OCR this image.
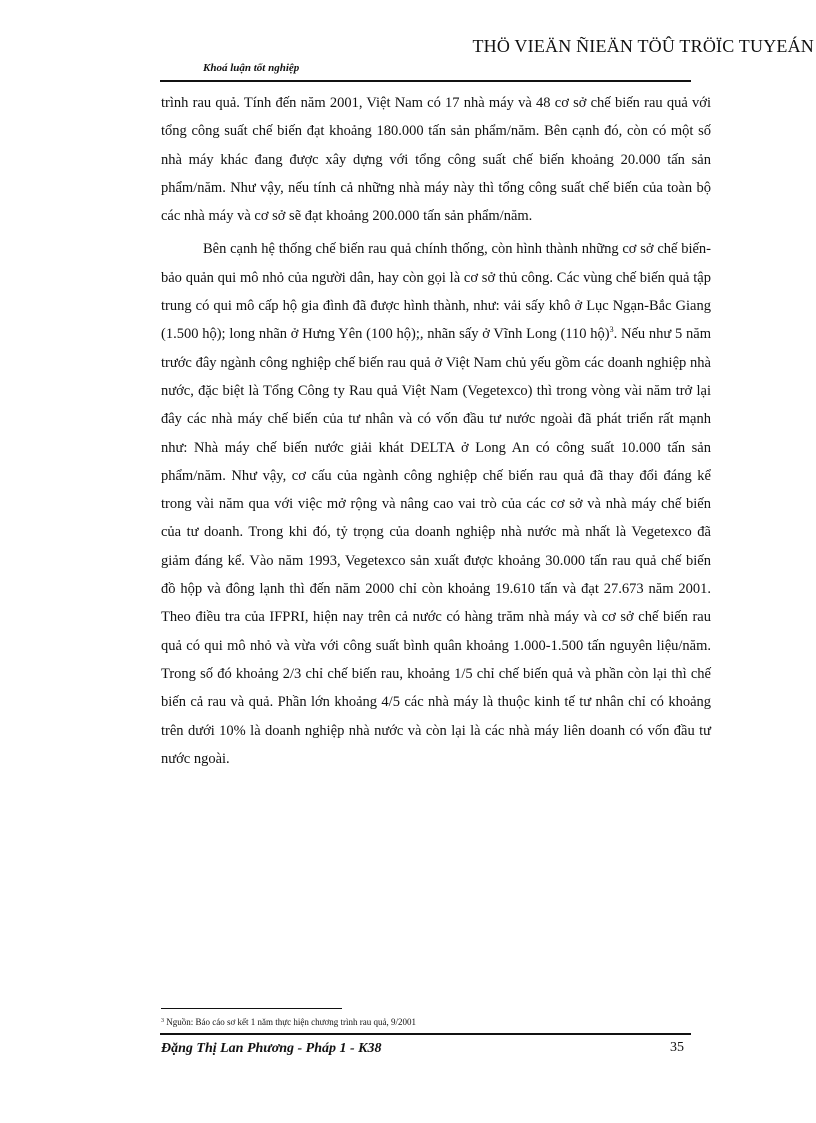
THÖ VIEÄN ÑIEÄN TÖÛ TRÖÏC TUYEÁN
Khoá luận tốt nghiệp

trình rau quả. Tính đến năm 2001, Việt Nam có 17 nhà máy và 48 cơ sở chế biến rau quả với tổng công suất chế biến đạt khoảng 180.000 tấn sản phẩm/năm. Bên cạnh đó, còn có một số nhà máy khác đang được xây dựng với tổng công suất chế biến khoảng 20.000 tấn sản phẩm/năm. Như vậy, nếu tính cả những nhà máy này thì tổng công suất chế biến của toàn bộ các nhà máy và cơ sở sẽ đạt khoảng 200.000 tấn sản phẩm/năm.

Bên cạnh hệ thống chế biến rau quả chính thống, còn hình thành những cơ sở chế biến-bảo quản qui mô nhỏ của người dân, hay còn gọi là cơ sở thủ công. Các vùng chế biến quả tập trung có qui mô cấp hộ gia đình đã được hình thành, như: vải sấy khô ở Lục Ngạn-Bắc Giang (1.500 hộ); long nhãn ở Hưng Yên (100 hộ);, nhãn sấy ở Vĩnh Long (110 hộ)$^3$. Nếu như 5 năm trước đây ngành công nghiệp chế biến rau quả ở Việt Nam chủ yếu gồm các doanh nghiệp nhà nước, đặc biệt là Tổng Công ty Rau quả Việt Nam (Vegetexco) thì trong vòng vài năm trở lại đây các nhà máy chế biến của tư nhân và có vốn đầu tư nước ngoài đã phát triển rất mạnh như: Nhà máy chế biến nước giải khát DELTA ở Long An có công suất 10.000 tấn sản phẩm/năm. Như vậy, cơ cấu của ngành công nghiệp chế biến rau quả đã thay đổi đáng kể trong vài năm qua với việc mở rộng và nâng cao vai trò của các cơ sở và nhà máy chế biến của tư doanh. Trong khi đó, tỷ trọng của doanh nghiệp nhà nước mà nhất là Vegetexco đã giảm đáng kể. Vào năm 1993, Vegetexco sản xuất được khoảng 30.000 tấn rau quả chế biến đồ hộp và đông lạnh thì đến năm 2000 chỉ còn khoảng 19.610 tấn và đạt 27.673 năm 2001. Theo điều tra của IFPRI, hiện nay trên cả nước có hàng trăm nhà máy và cơ sở chế biến rau quả có qui mô nhỏ và vừa với công suất bình quân khoảng 1.000-1.500 tấn nguyên liệu/năm. Trong số đó khoảng 2/3 chỉ chế biến rau, khoảng 1/5 chỉ chế biến quả và phần còn lại thì chế biến cả rau và quả. Phần lớn khoảng 4/5 các nhà máy là thuộc kinh tế tư nhân chỉ có khoảng trên dưới 10% là doanh nghiệp nhà nước và còn lại là các nhà máy liên doanh có vốn đầu tư nước ngoài.

$^3$ Nguồn: Báo cáo sơ kết 1 năm thực hiện chương trình rau quả, 9/2001
Đặng Thị Lan Phương - Pháp 1 - K38	35
